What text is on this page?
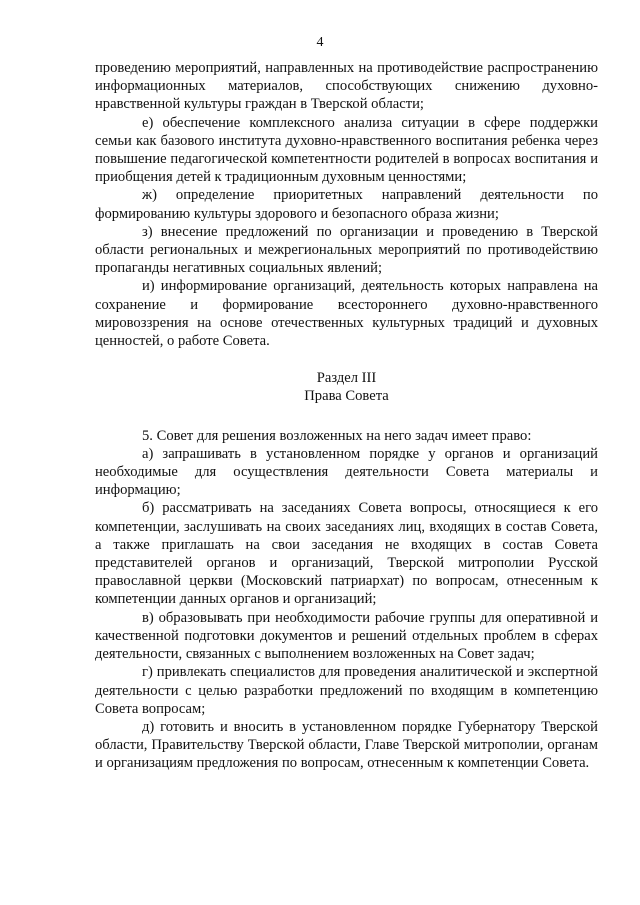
4

проведению мероприятий, направленных на противодействие распространению информационных материалов, способствующих снижению духовно-нравственной культуры граждан в Тверской области;

е) обеспечение комплексного анализа ситуации в сфере поддержки семьи как базового института духовно-нравственного воспитания ребенка через повышение педагогической компетентности родителей в вопросах воспитания и приобщения детей к традиционным духовным ценностями;

ж) определение приоритетных направлений деятельности по формированию культуры здорового и безопасного образа жизни;

з) внесение предложений по организации и проведению в Тверской области региональных и межрегиональных мероприятий по противодействию пропаганды негативных социальных явлений;

и) информирование организаций, деятельность которых направлена на сохранение и формирование всестороннего духовно-нравственного мировоззрения на основе отечественных культурных традиций и духовных ценностей, о работе Совета.

Раздел III
Права Совета

5. Совет для решения возложенных на него задач имеет право:

а) запрашивать в установленном порядке у органов и организаций необходимые для осуществления деятельности Совета материалы и информацию;

б) рассматривать на заседаниях Совета вопросы, относящиеся к его компетенции, заслушивать на своих заседаниях лиц, входящих в состав Совета, а также приглашать на свои заседания не входящих в состав Совета представителей органов и организаций, Тверской митрополии Русской православной церкви (Московский патриархат) по вопросам, отнесенным к компетенции данных органов и организаций;

в) образовывать при необходимости рабочие группы для оперативной и качественной подготовки документов и решений отдельных проблем в сферах деятельности, связанных с выполнением возложенных на Совет задач;

г) привлекать специалистов для проведения аналитической и экспертной деятельности с целью разработки предложений по входящим в компетенцию Совета вопросам;

д) готовить и вносить в установленном порядке Губернатору Тверской области, Правительству Тверской области, Главе Тверской митрополии, органам и организациям предложения по вопросам, отнесенным к компетенции Совета.
